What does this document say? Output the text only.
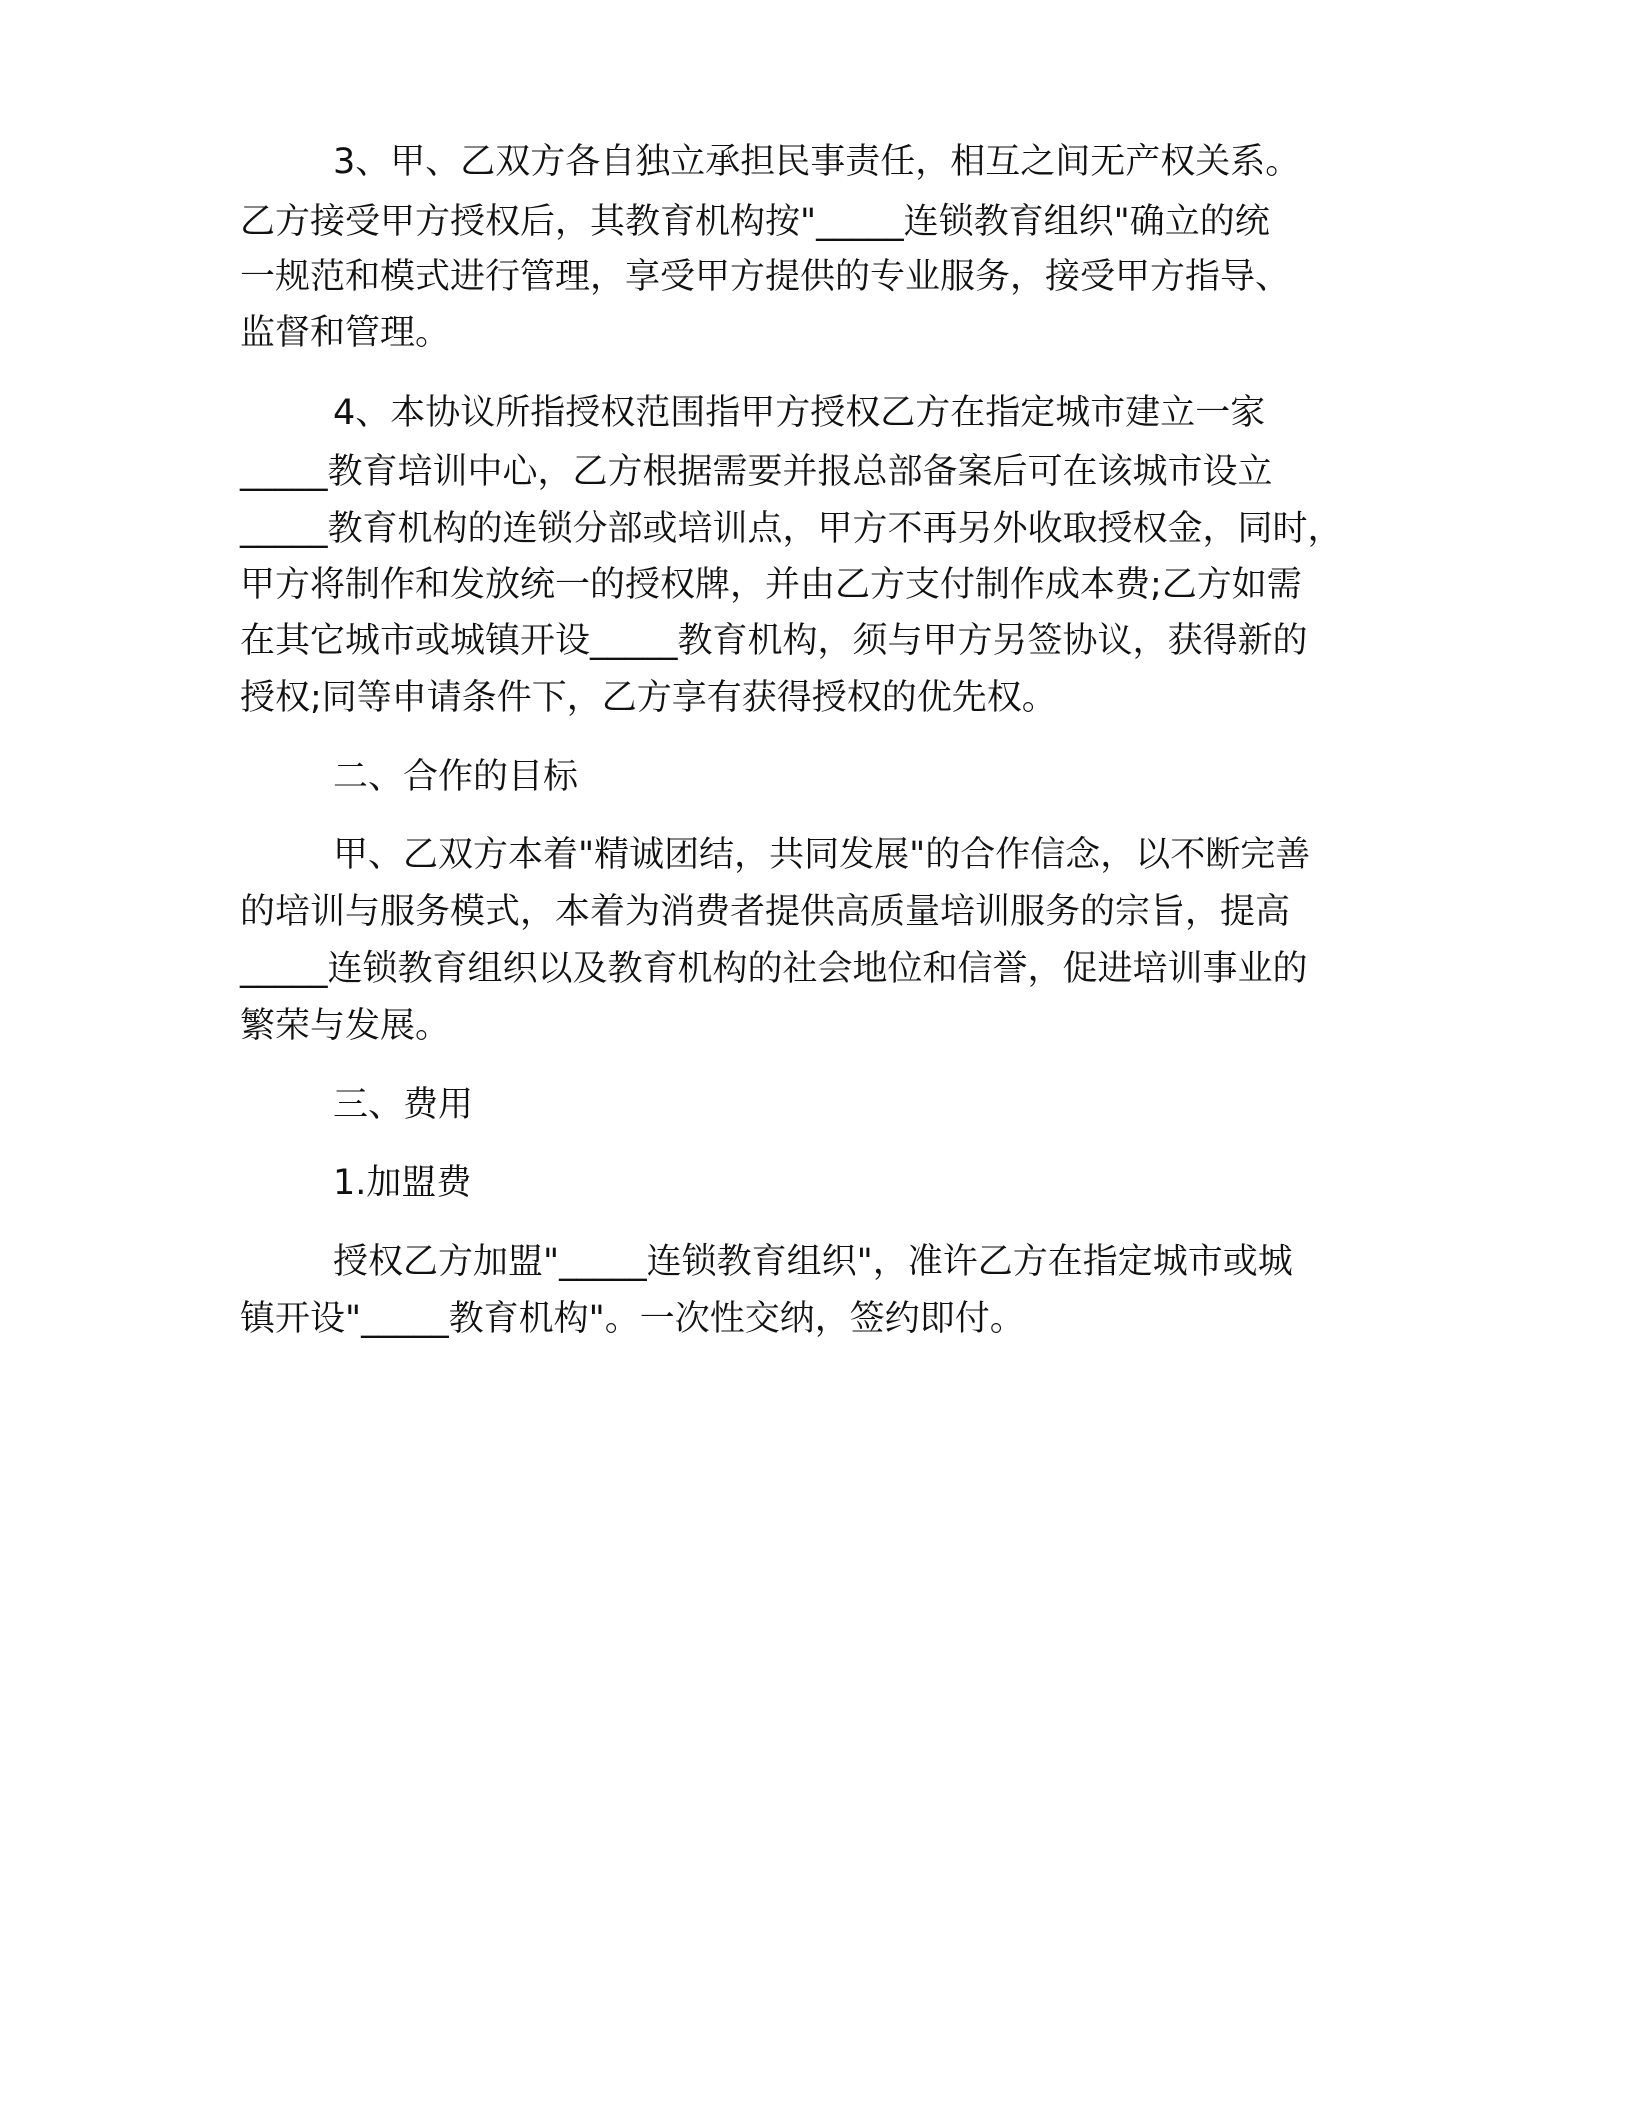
3、甲、乙双方各自独立承担民事责任，相互之间无产权关系。

乙方接受甲方授权后，其教育机构按"_____连锁教育组织"确立的统

一规范和模式进行管理，享受甲方提供的专业服务，接受甲方指导、

监督和管理。

4、本协议所指授权范围指甲方授权乙方在指定城市建立一家

_____教育培训中心，乙方根据需要并报总部备案后可在该城市设立

_____教育机构的连锁分部或培训点，甲方不再另外收取授权金，同时，

甲方将制作和发放统一的授权牌，并由乙方支付制作成本费;乙方如需

在其它城市或城镇开设_____教育机构，须与甲方另签协议，获得新的

授权;同等申请条件下，乙方享有获得授权的优先权。

二、合作的目标

甲、乙双方本着"精诚团结，共同发展"的合作信念，以不断完善

的培训与服务模式，本着为消费者提供高质量培训服务的宗旨，提高

_____连锁教育组织以及教育机构的社会地位和信誉，促进培训事业的

繁荣与发展。

三、费用

1.加盟费

授权乙方加盟"_____连锁教育组织"，准许乙方在指定城市或城

镇开设"_____教育机构"。一次性交纳，签约即付。
